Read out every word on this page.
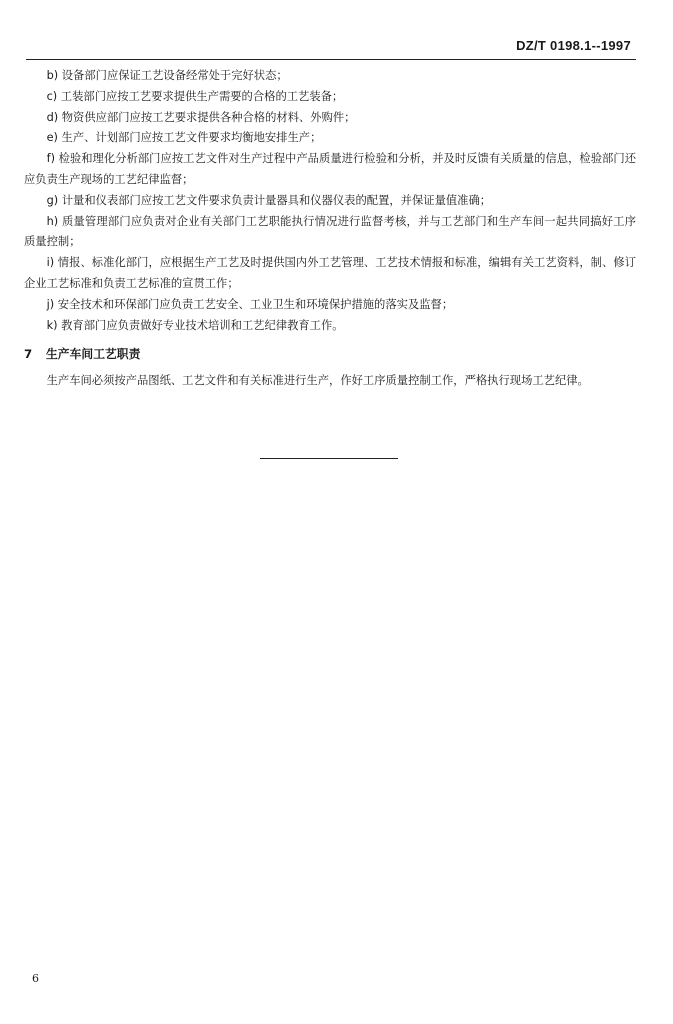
DZ/T 0198.1--1997

b) 设备部门应保证工艺设备经常处于完好状态；

c) 工装部门应按工艺要求提供生产需要的合格的工艺装备；

d) 物资供应部门应按工艺要求提供各种合格的材料、外购件；

e) 生产、计划部门应按工艺文件要求均衡地安排生产；

f) 检验和理化分析部门应按工艺文件对生产过程中产品质量进行检验和分析，并及时反馈有关质量的信息，检验部门还应负责生产现场的工艺纪律监督；

g) 计量和仪表部门应按工艺文件要求负责计量器具和仪器仪表的配置，并保证量值准确；

h) 质量管理部门应负责对企业有关部门工艺职能执行情况进行监督考核，并与工艺部门和生产车间一起共同搞好工序质量控制；

i) 情报、标准化部门，应根据生产工艺及时提供国内外工艺管理、工艺技术情报和标准，编辑有关工艺资料，制、修订企业工艺标准和负责工艺标准的宣贯工作；

j) 安全技术和环保部门应负责工艺安全、工业卫生和环境保护措施的落实及监督；

k) 教育部门应负责做好专业技术培训和工艺纪律教育工作。

7 生产车间工艺职责

生产车间必须按产品图纸、工艺文件和有关标准进行生产，作好工序质量控制工作，严格执行现场工艺纪律。

6
